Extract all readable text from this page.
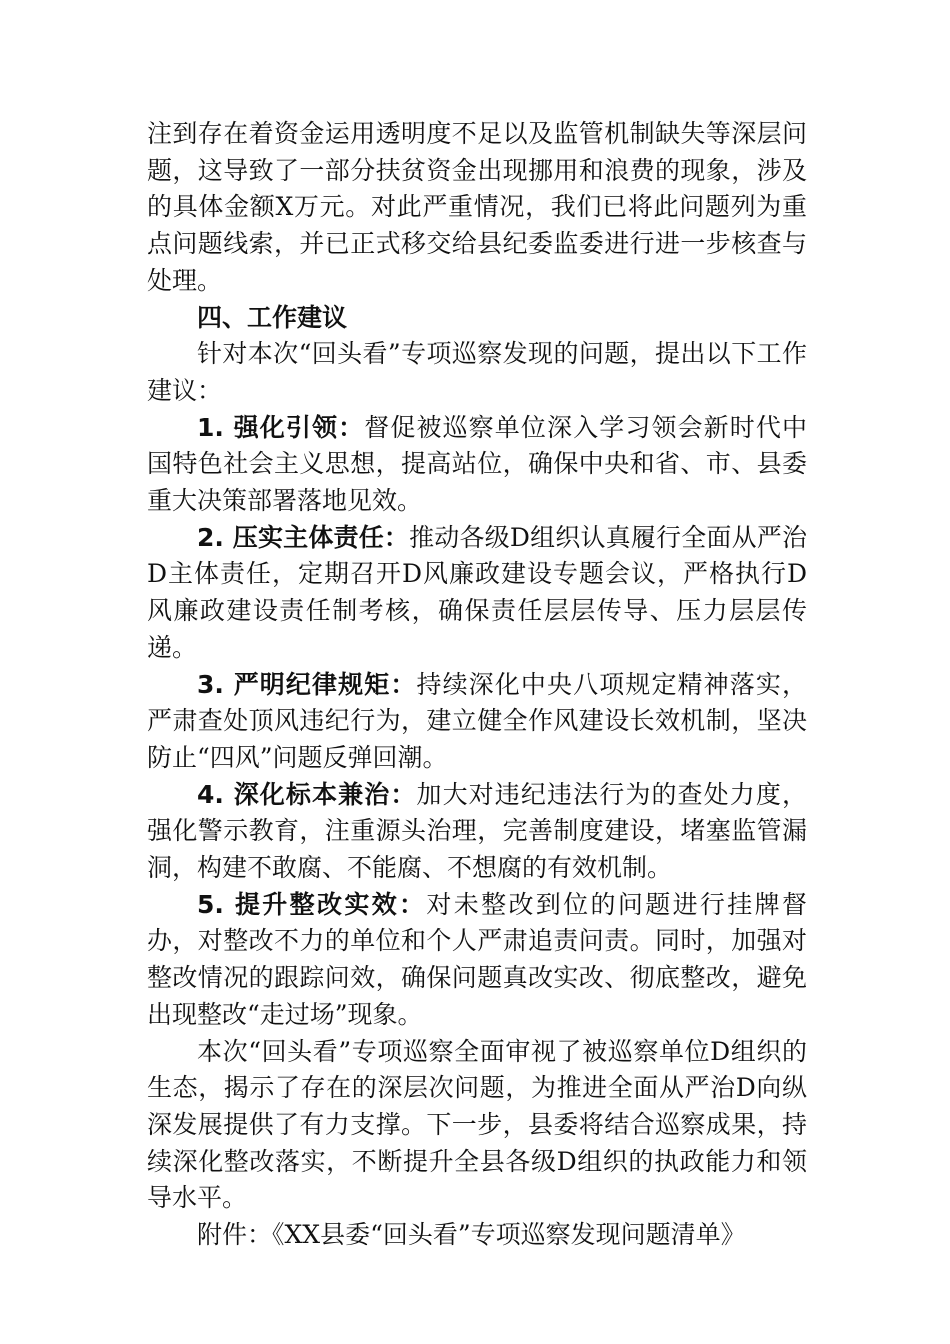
注到存在着资金运用透明度不足以及监管机制缺失等深层问题，这导致了一部分扶贫资金出现挪用和浪费的现象，涉及的具体金额X万元。对此严重情况，我们已将此问题列为重点问题线索，并已正式移交给县纪委监委进行进一步核查与处理。

四、工作建议

针对本次“回头看”专项巡察发现的问题，提出以下工作建议：

1. 强化引领：督促被巡察单位深入学习领会新时代中国特色社会主义思想，提高站位，确保中央和省、市、县委重大决策部署落地见效。

2. 压实主体责任：推动各级D组织认真履行全面从严治D主体责任，定期召开D风廉政建设专题会议，严格执行D风廉政建设责任制考核，确保责任层层传导、压力层层传递。

3. 严明纪律规矩：持续深化中央八项规定精神落实，严肃查处顶风违纪行为，建立健全作风建设长效机制，坚决防止“四风”问题反弹回潮。

4. 深化标本兼治：加大对违纪违法行为的查处力度，强化警示教育，注重源头治理，完善制度建设，堵塞监管漏洞，构建不敢腐、不能腐、不想腐的有效机制。

5. 提升整改实效：对未整改到位的问题进行挂牌督办，对整改不力的单位和个人严肃追责问责。同时，加强对整改情况的跟踪问效，确保问题真改实改、彻底整改，避免出现整改“走过场”现象。

本次“回头看”专项巡察全面审视了被巡察单位D组织的生态，揭示了存在的深层次问题，为推进全面从严治D向纵深发展提供了有力支撑。下一步，县委将结合巡察成果，持续深化整改落实，不断提升全县各级D组织的执政能力和领导水平。

附件：《XX县委“回头看”专项巡察发现问题清单》
